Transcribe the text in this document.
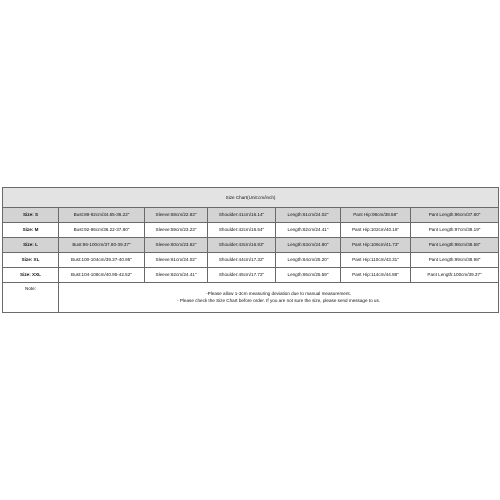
Size Chart(Unit:cm/inch)						
Size: S	Bust:88-92cm/34.65-36.22"	Sleeve:58cm/22.83"	Shoulder:41cm/16.14"	Length:61cm/24.02"	Pant Hip:98cm/38.58"	Pant Length:96cm/37.80"
Size: M	Bust:92-96cm/36.22-37.80"	Sleeve:59cm/23.23"	Shoulder:42cm/16.54"	Length:62cm/24.41"	Pant Hip:102cm/40.16"	Pant Length:97cm/38.19"
Size: L	Bust:96-100cm/37.80-39.37"	Sleeve:60cm/23.62"	Shoulder:43cm/16.93"	Length:63cm/24.80"	Pant Hip:106cm/41.73"	Pant Length:98cm/38.58"
Size: XL	Bust:100-104cm/39.37-40.95"	Sleeve:61cm/24.02"	Shoulder:44cm/17.32"	Length:64cm/25.20"	Pant Hip:110cm/43.31"	Pant Length:99cm/38.98"
Size: XXL	Bust:104-108cm/40.95-42.52"	Sleeve:62cm/24.41"	Shoulder:45cm/17.72"	Length:65cm/25.59"	Pant Hip:114cm/44.88"	Pant Length:100cm/39.37"
Note:	-Please allow 1-3cm measuring deviation due to manual measurement.
- Please check the Size Chart before order. If you are not sure the size, please send message to us.					
